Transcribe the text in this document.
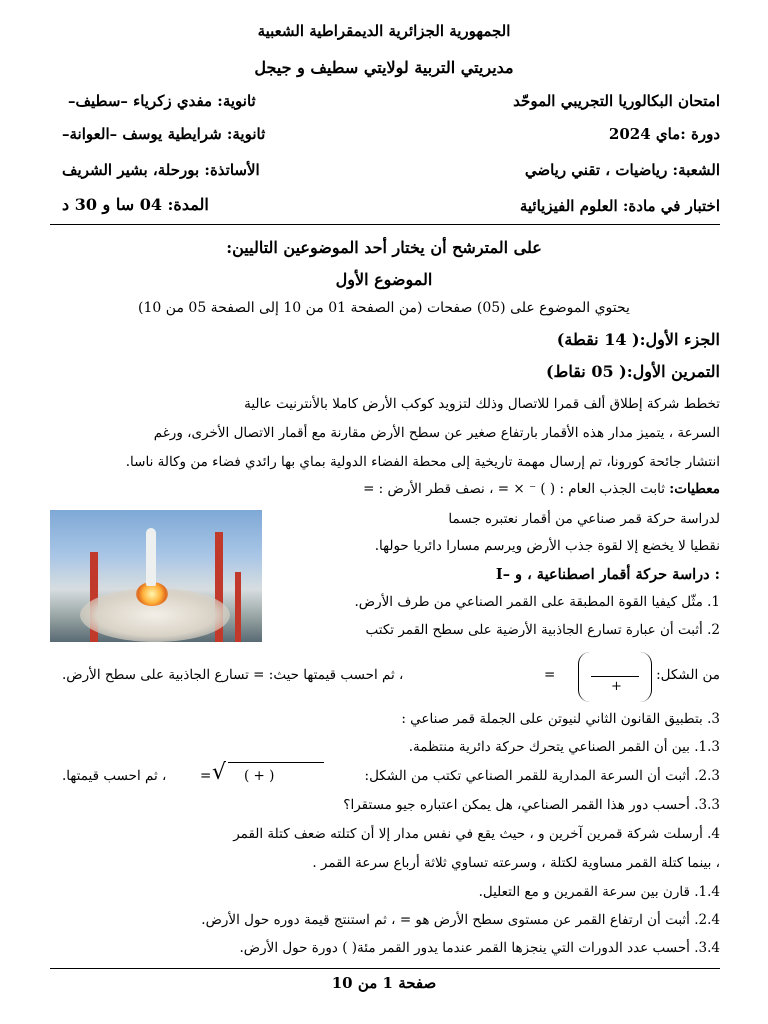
الجمهورية الجزائرية الديمقراطية الشعبية
مديريتي التربية لولايتي سطيف و جيجل
امتحان البكالوريا التجريبي الموحّد
ثانوية: مفدي زكرياء –سطيف–
دورة :ماي 2024
ثانوية: شرايطية يوسف –العوانة–
الشعبة: رياضيات ، تقني رياضي
الأساتذة: بورحلة، بشير الشريف
اختبار في مادة: العلوم الفيزيائية
المدة: 04 سا و 30 د
على المترشح أن يختار أحد الموضوعين التاليين:
الموضوع الأول
يحتوي الموضوع على (05) صفحات (من الصفحة 01 من 10 إلى الصفحة 05 من 10)
الجزء الأول:( 14 نقطة)
التمرين الأول:( 05 نقاط)
تخطط شركة إطلاق ألف قمرا للاتصال وذلك لتزويد كوكب الأرض كاملا بالأنترنيت عالية
السرعة ، يتميز مدار هذه الأقمار بارتفاع صغير عن سطح الأرض مقارنة مع أقمار الاتصال الأخرى، ورغم
انتشار جائحة كورونا، تم إرسال مهمة تاريخية إلى محطة الفضاء الدولية بماي بها رائدي فضاء من وكالة ناسا.
معطيات: ثابت الجذب العام : ( ) ⁻ × = ، نصف قطر الأرض : =
لدراسة حركة قمر صناعي من أقمار نعتبره جسما
نقطيا لا يخضع إلا لقوة جذب الأرض ويرسم مسارا دائريا حولها.
I– دراسة حركة أقمار اصطناعية ، و :
1. مثّل كيفيا القوة المطبقة على القمر الصناعي من طرف الأرض.
2. أثبت أن عبارة تسارع الجاذبية الأرضية على سطح القمر تكتب
من الشكل:
+
=
، ثم احسب قيمتها حيث: = تسارع الجاذبية على سطح الأرض.
3. بتطبيق القانون الثاني لنيوتن على الجملة قمر صناعي :
1.3. بين أن القمر الصناعي يتحرك حركة دائرية منتظمة.
2.3. أثبت أن السرعة المدارية للقمر الصناعي تكتب من الشكل:
√ ( + )
=
، ثم احسب قيمتها.
3.3. أحسب دور هذا القمر الصناعي، هل يمكن اعتباره جيو مستقرا؟
4. أرسلت شركة قمرين آخرين و ، حيث يقع في نفس مدار إلا أن كتلته ضعف كتلة القمر
، بينما كتلة القمر مساوية لكتلة ، وسرعته تساوي ثلاثة أرباع سرعة القمر .
1.4. قارن بين سرعة القمرين و مع التعليل.
2.4. أثبت أن ارتفاع القمر عن مستوى سطح الأرض هو = ، ثم استنتج قيمة دوره حول الأرض.
3.4. أحسب عدد الدورات التي ينجزها القمر عندما يدور القمر مئة( ) دورة حول الأرض.
صفحة 1 من 10
